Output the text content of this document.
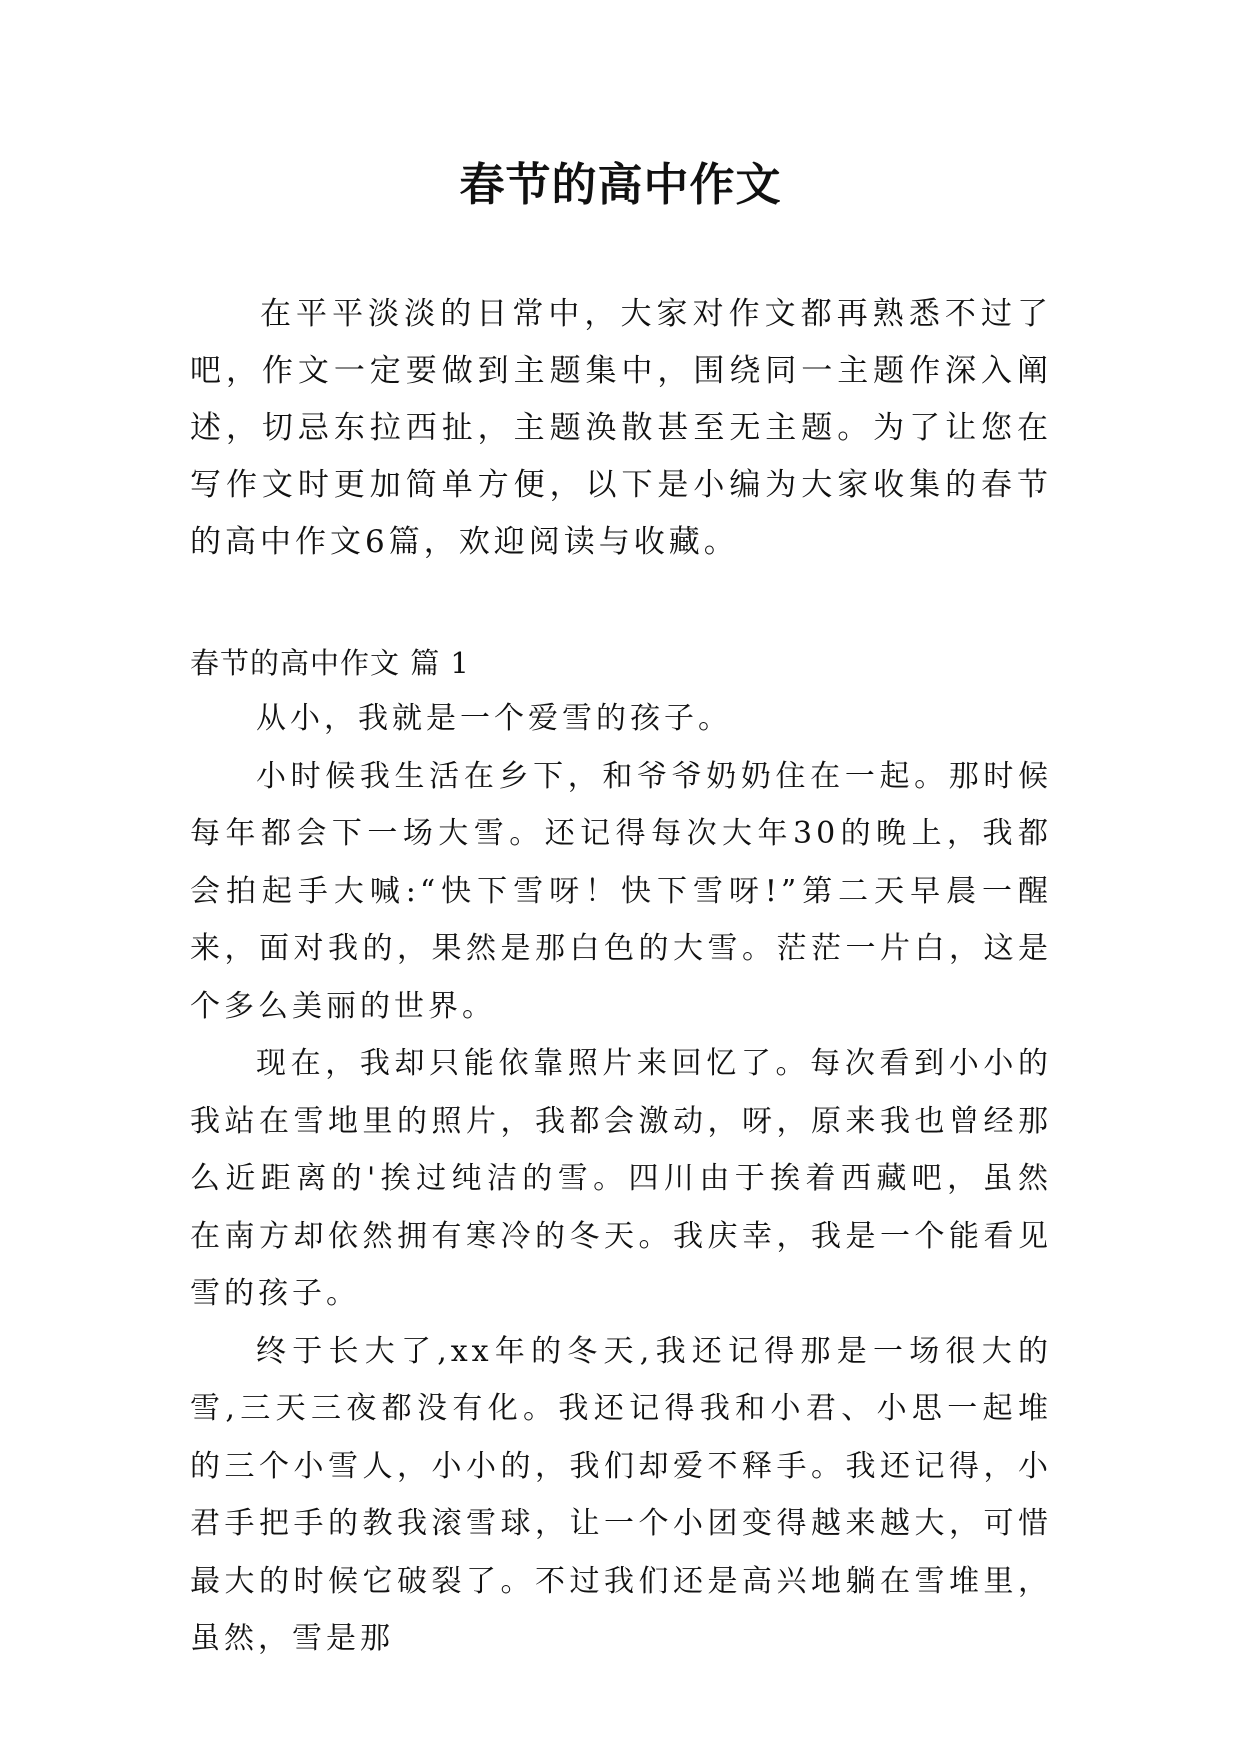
春节的高中作文

在平平淡淡的日常中，大家对作文都再熟悉不过了吧，作文一定要做到主题集中，围绕同一主题作深入阐述，切忌东拉西扯，主题涣散甚至无主题。为了让您在写作文时更加简单方便，以下是小编为大家收集的春节的高中作文6篇，欢迎阅读与收藏。

春节的高中作文 篇 1

从小，我就是一个爱雪的孩子。

小时候我生活在乡下，和爷爷奶奶住在一起。那时候每年都会下一场大雪。还记得每次大年30的晚上，我都会拍起手大喊:“快下雪呀！快下雪呀!”第二天早晨一醒来，面对我的，果然是那白色的大雪。茫茫一片白，这是个多么美丽的世界。

现在，我却只能依靠照片来回忆了。每次看到小小的我站在雪地里的照片，我都会激动，呀，原来我也曾经那么近距离的'挨过纯洁的雪。四川由于挨着西藏吧，虽然在南方却依然拥有寒冷的冬天。我庆幸，我是一个能看见雪的孩子。

终于长大了,xx年的冬天,我还记得那是一场很大的雪,三天三夜都没有化。我还记得我和小君、小思一起堆的三个小雪人，小小的，我们却爱不释手。我还记得，小君手把手的教我滚雪球，让一个小团变得越来越大，可惜最大的时候它破裂了。不过我们还是高兴地躺在雪堆里，虽然，雪是那
